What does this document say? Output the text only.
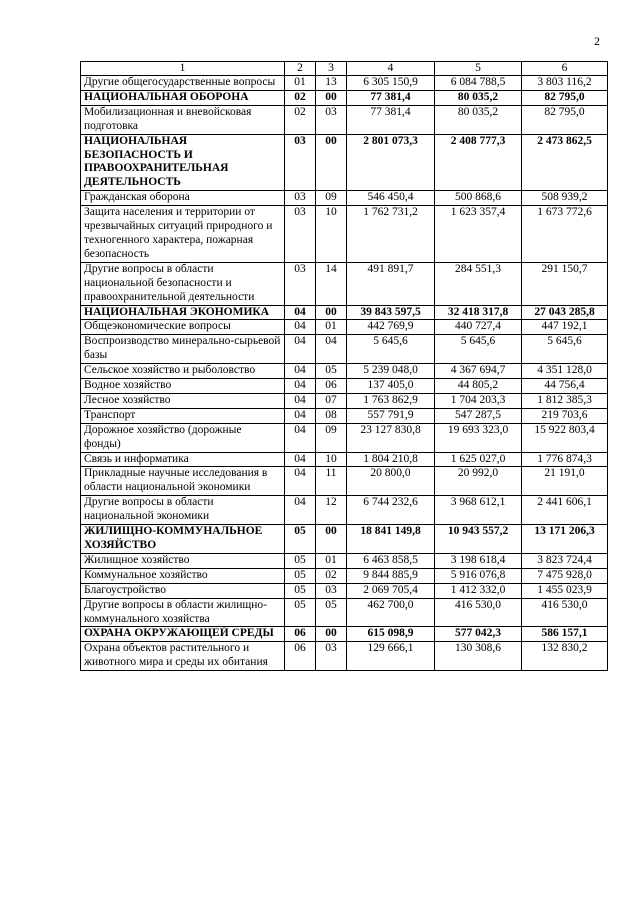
2
1	2	3	4	5	6
Другие общегосударственные вопросы	01	13	6 305 150,9	6 084 788,5	3 803 116,2
НАЦИОНАЛЬНАЯ ОБОРОНА	02	00	77 381,4	80 035,2	82 795,0
Мобилизационная и вневойсковая подготовка	02	03	77 381,4	80 035,2	82 795,0
НАЦИОНАЛЬНАЯ БЕЗОПАСНОСТЬ И ПРАВООХРАНИТЕЛЬНАЯ ДЕЯТЕЛЬНОСТЬ	03	00	2 801 073,3	2 408 777,3	2 473 862,5
Гражданская оборона	03	09	546 450,4	500 868,6	508 939,2
Защита населения и территории от чрезвычайных ситуаций природного и техногенного характера, пожарная безопасность	03	10	1 762 731,2	1 623 357,4	1 673 772,6
Другие вопросы в области национальной безопасности и правоохранительной деятельности	03	14	491 891,7	284 551,3	291 150,7
НАЦИОНАЛЬНАЯ ЭКОНОМИКА	04	00	39 843 597,5	32 418 317,8	27 043 285,8
Общеэкономические вопросы	04	01	442 769,9	440 727,4	447 192,1
Воспроизводство минерально-сырьевой базы	04	04	5 645,6	5 645,6	5 645,6
Сельское хозяйство и рыболовство	04	05	5 239 048,0	4 367 694,7	4 351 128,0
Водное хозяйство	04	06	137 405,0	44 805,2	44 756,4
Лесное хозяйство	04	07	1 763 862,9	1 704 203,3	1 812 385,3
Транспорт	04	08	557 791,9	547 287,5	219 703,6
Дорожное хозяйство (дорожные фонды)	04	09	23 127 830,8	19 693 323,0	15 922 803,4
Связь и информатика	04	10	1 804 210,8	1 625 027,0	1 776 874,3
Прикладные научные исследования в области национальной экономики	04	11	20 800,0	20 992,0	21 191,0
Другие вопросы в области национальной экономики	04	12	6 744 232,6	3 968 612,1	2 441 606,1
ЖИЛИЩНО-КОММУНАЛЬНОЕ ХОЗЯЙСТВО	05	00	18 841 149,8	10 943 557,2	13 171 206,3
Жилищное хозяйство	05	01	6 463 858,5	3 198 618,4	3 823 724,4
Коммунальное хозяйство	05	02	9 844 885,9	5 916 076,8	7 475 928,0
Благоустройство	05	03	2 069 705,4	1 412 332,0	1 455 023,9
Другие вопросы в области жилищно-коммунального хозяйства	05	05	462 700,0	416 530,0	416 530,0
ОХРАНА ОКРУЖАЮЩЕЙ СРЕДЫ	06	00	615 098,9	577 042,3	586 157,1
Охрана объектов растительного и животного мира и среды их обитания	06	03	129 666,1	130 308,6	132 830,2
